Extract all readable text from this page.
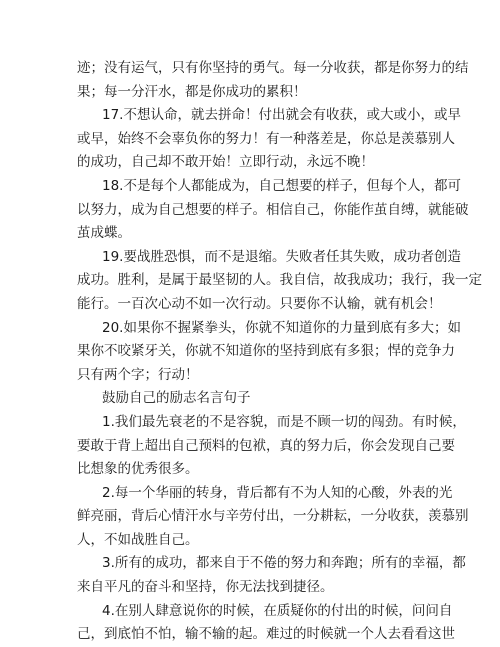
迹；没有运气，只有你坚持的勇气。每一分收获，都是你努力的结
果；每一分汗水，都是你成功的累积！
17.不想认命，就去拼命！付出就会有收获，或大或小，或早
或早，始终不会辜负你的努力！有一种落差是，你总是羡慕别人
的成功，自己却不敢开始！立即行动，永远不晚！
18.不是每个人都能成为，自己想要的样子，但每个人，都可
以努力，成为自己想要的样子。相信自己，你能作茧自缚，就能破
茧成蝶。
19.要战胜恐惧，而不是退缩。失败者任其失败，成功者创造
成功。胜利，是属于最坚韧的人。我自信，故我成功；我行，我一定
能行。一百次心动不如一次行动。只要你不认输，就有机会！
20.如果你不握紧拳头，你就不知道你的力量到底有多大；如
果你不咬紧牙关，你就不知道你的坚持到底有多狠；悍的竞争力
只有两个字；行动！
鼓励自己的励志名言句子
1.我们最先衰老的不是容貌，而是不顾一切的闯劲。有时候，
要敢于背上超出自己预料的包袱，真的努力后，你会发现自己要
比想象的优秀很多。
2.每一个华丽的转身，背后都有不为人知的心酸，外表的光
鲜亮丽，背后心情汗水与辛劳付出，一分耕耘，一分收获，羡慕别
人，不如战胜自己。
3.所有的成功，都来自于不倦的努力和奔跑；所有的幸福，都
来自平凡的奋斗和坚持，你无法找到捷径。
4.在别人肆意说你的时候，在质疑你的付出的时候，问问自
己，到底怕不怕，输不输的起。难过的时候就一个人去看看这世
